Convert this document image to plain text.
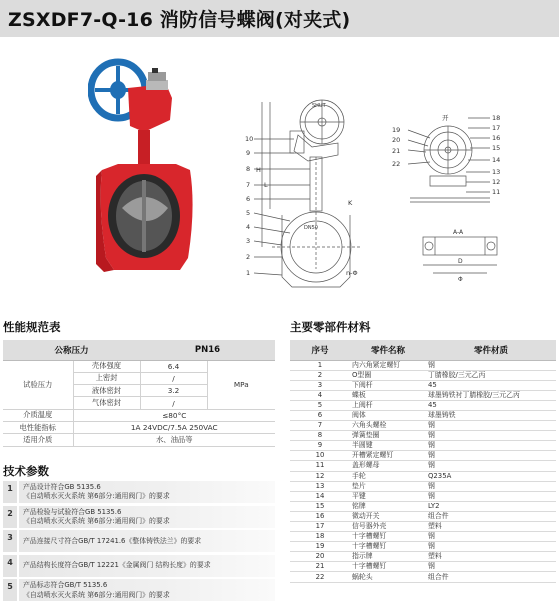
ZSXDF7-Q-16 消防信号蝶阀(对夹式)
10
9
8
7
6
5
4
3
2
1
H
L
K
n-Φ
SHUT
DN50
19
20
21
22
18
17
16
15
14
13
12
11
开
A-A
D
Φ
性能规范表	主要零部件材料
技术参数
公称压力		PN16	
试验压力	壳体强度	6.4	MPa
	上密封	/	
	液体密封	3.2	
	气体密封	/	
介质温度	≤80°C		
电性能指标	1A 24VDC/7.5A 250VAC		
适用介质	水、油品等		
1	产品设计符合GB 5135.6
《自动喷水灭火系统 第6部分:通用阀门》的要求
2	产品检验与试验符合GB 5135.6
《自动喷水灭火系统 第6部分:通用阀门》的要求
3	产品连接尺寸符合GB/T 17241.6《整体铸铁法兰》的要求
4	产品结构长度符合GB/T 12221《金属阀门 结构长度》的要求
5	产品标志符合GB/T 5135.6
《自动喷水灭火系统 第6部分:通用阀门》的要求
序号	零件名称	零件材质
1	内六角紧定螺钉	钢
2	O型圈	丁腈橡胶/三元乙丙
3	下阀杆	45
4	蝶板	球墨铸铁衬丁腈橡胶/三元乙丙
5	上阀杆	45
6	阀体	球墨铸铁
7	六角头螺栓	钢
8	弹簧垫圈	钢
9	半圆键	钢
10	开槽紧定螺钉	钢
11	盖形螺母	钢
12	手轮	Q235A
13	垫片	钢
14	平键	钢
15	铭牌	LY2
16	微动开关	组合件
17	信号器外壳	塑料
18	十字槽螺钉	钢
19	十字槽螺钉	钢
20	指示牌	塑料
21	十字槽螺钉	钢
22	蜗轮头	组合件
